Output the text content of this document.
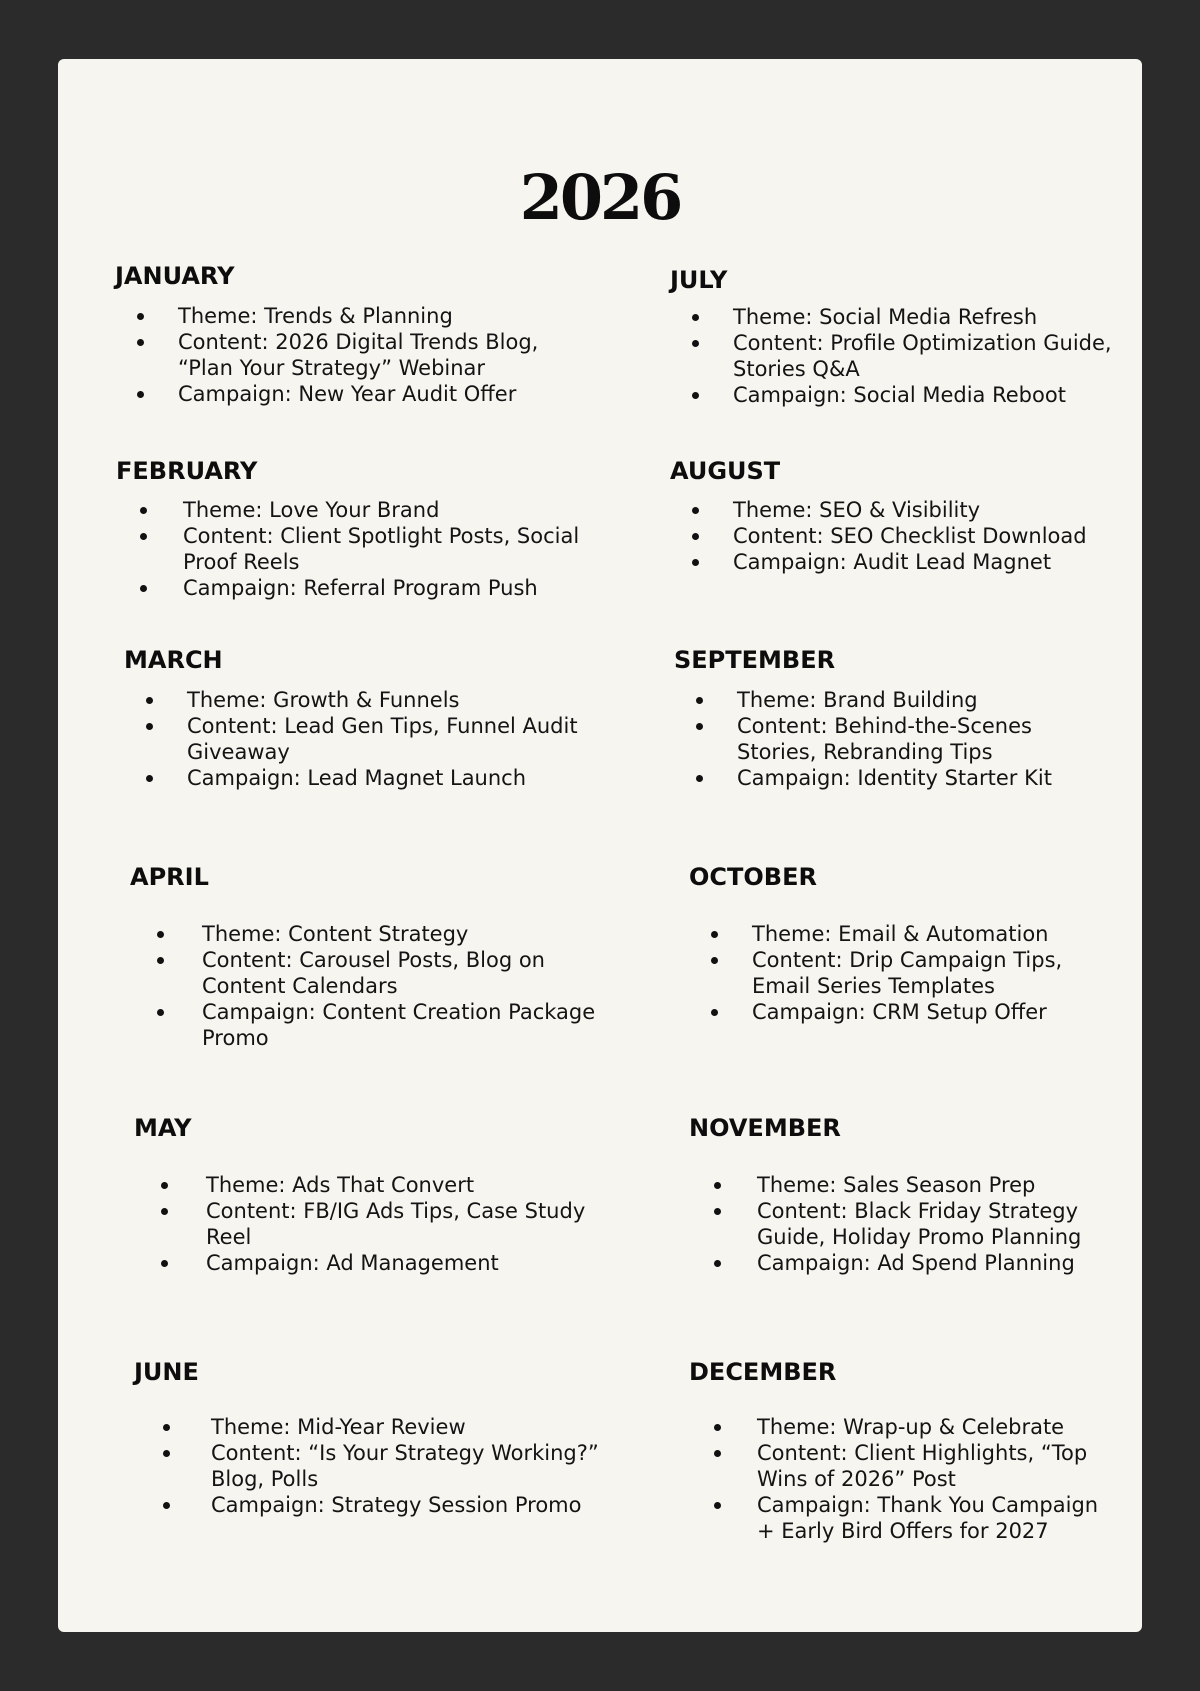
2026
JANUARY
Theme: Trends & Planning
Content: 2026 Digital Trends Blog,
“Plan Your Strategy” Webinar
Campaign: New Year Audit Offer
FEBRUARY
Theme: Love Your Brand
Content: Client Spotlight Posts, Social
Proof Reels
Campaign: Referral Program Push
MARCH
Theme: Growth & Funnels
Content: Lead Gen Tips, Funnel Audit
Giveaway
Campaign: Lead Magnet Launch
APRIL
Theme: Content Strategy
Content: Carousel Posts, Blog on
Content Calendars
Campaign: Content Creation Package
Promo
MAY
Theme: Ads That Convert
Content: FB/IG Ads Tips, Case Study
Reel
Campaign: Ad Management
JUNE
Theme: Mid-Year Review
Content: “Is Your Strategy Working?”
Blog, Polls
Campaign: Strategy Session Promo
JULY
Theme: Social Media Refresh
Content: Profile Optimization Guide,
Stories Q&A
Campaign: Social Media Reboot
AUGUST
Theme: SEO & Visibility
Content: SEO Checklist Download
Campaign: Audit Lead Magnet
SEPTEMBER
Theme: Brand Building
Content: Behind-the-Scenes
Stories, Rebranding Tips
Campaign: Identity Starter Kit
OCTOBER
Theme: Email & Automation
Content: Drip Campaign Tips,
Email Series Templates
Campaign: CRM Setup Offer
NOVEMBER
Theme: Sales Season Prep
Content: Black Friday Strategy
Guide, Holiday Promo Planning
Campaign: Ad Spend Planning
DECEMBER
Theme: Wrap-up & Celebrate
Content: Client Highlights, “Top
Wins of 2026” Post
Campaign: Thank You Campaign
+ Early Bird Offers for 2027
